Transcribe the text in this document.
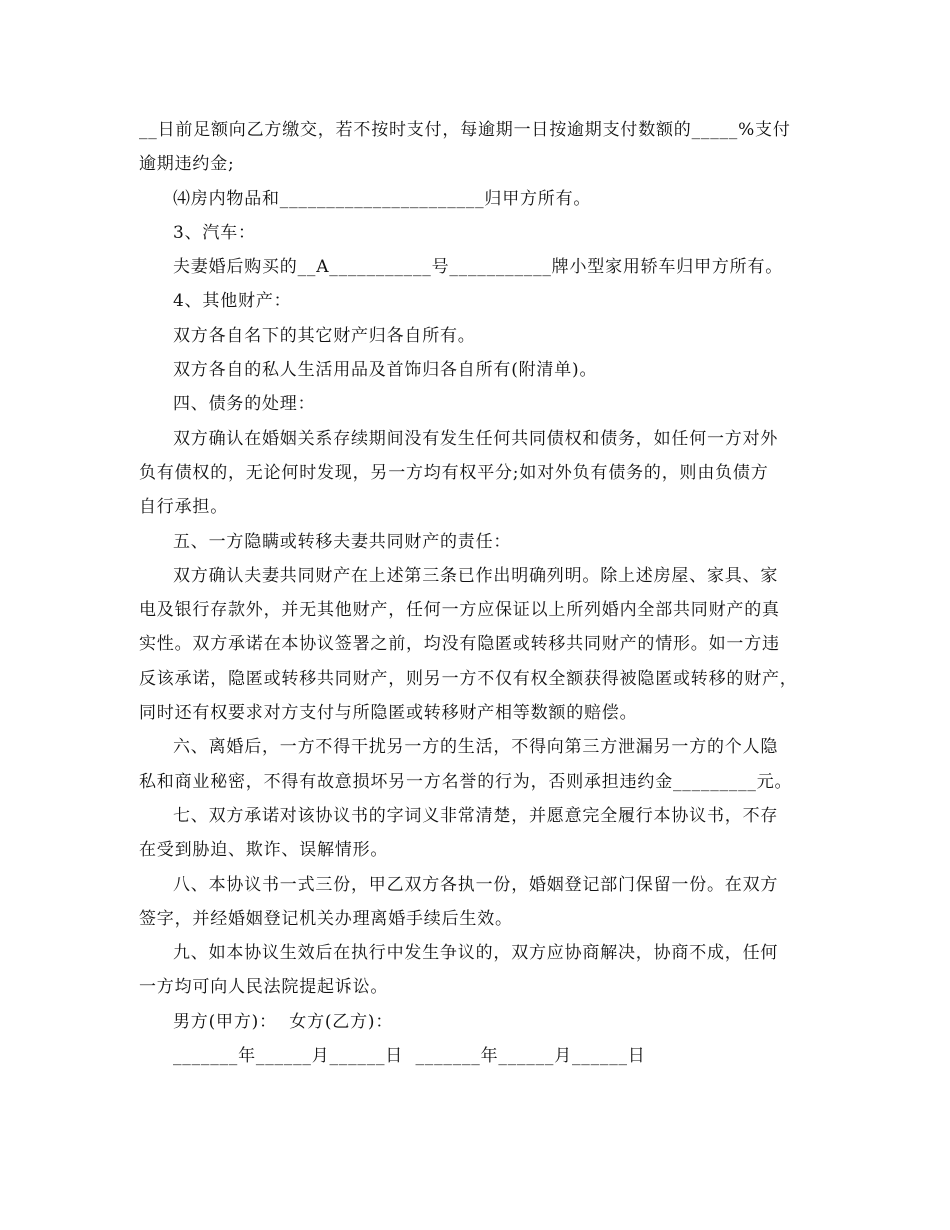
__日前足额向乙方缴交，若不按时支付，每逾期一日按逾期支付数额的_____%支付
逾期违约金;

⑷房内物品和______________________归甲方所有。

3、汽车：

夫妻婚后购买的__A___________号___________牌小型家用轿车归甲方所有。

4、其他财产：

双方各自名下的其它财产归各自所有。

双方各自的私人生活用品及首饰归各自所有(附清单)。

四、债务的处理：

双方确认在婚姻关系存续期间没有发生任何共同债权和债务，如任何一方对外
负有债权的，无论何时发现，另一方均有权平分;如对外负有债务的，则由负债方
自行承担。

五、一方隐瞒或转移夫妻共同财产的责任：

双方确认夫妻共同财产在上述第三条已作出明确列明。除上述房屋、家具、家
电及银行存款外，并无其他财产，任何一方应保证以上所列婚内全部共同财产的真
实性。双方承诺在本协议签署之前，均没有隐匿或转移共同财产的情形。如一方违
反该承诺，隐匿或转移共同财产，则另一方不仅有权全额获得被隐匿或转移的财产，
同时还有权要求对方支付与所隐匿或转移财产相等数额的赔偿。

六、离婚后，一方不得干扰另一方的生活，不得向第三方泄漏另一方的个人隐
私和商业秘密，不得有故意损坏另一方名誉的行为，否则承担违约金_________元。

七、双方承诺对该协议书的字词义非常清楚，并愿意完全履行本协议书，不存
在受到胁迫、欺诈、误解情形。

八、本协议书一式三份，甲乙双方各执一份，婚姻登记部门保留一份。在双方
签字，并经婚姻登记机关办理离婚手续后生效。

九、如本协议生效后在执行中发生争议的，双方应协商解决，协商不成，任何
一方均可向人民法院提起诉讼。

男方(甲方)：  女方(乙方)：

_______年______月______日  _______年______月______日
